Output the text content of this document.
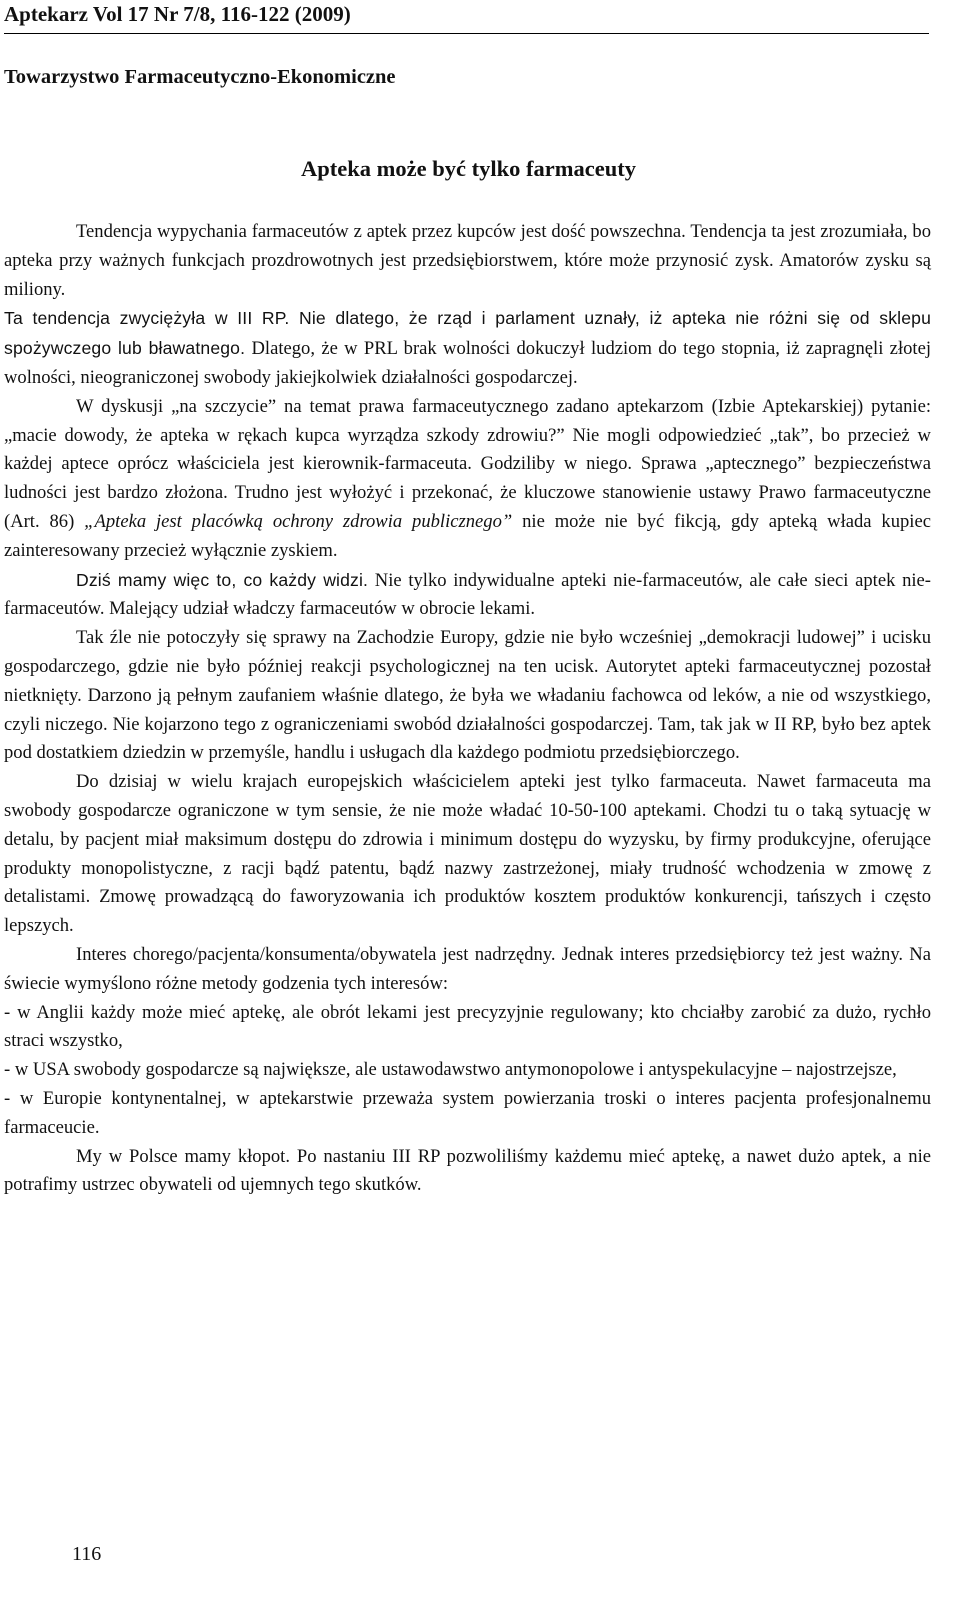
Aptekarz Vol 17 Nr 7/8, 116-122 (2009)
Towarzystwo Farmaceutyczno-Ekonomiczne
Apteka może być tylko farmaceuty

Tendencja wypychania farmaceutów z aptek przez kupców jest dość powszechna. Tendencja ta jest zrozumiała, bo apteka przy ważnych funkcjach prozdrowotnych jest przedsiębiorstwem, które może przynosić zysk. Amatorów zysku są miliony.
Ta tendencja zwyciężyła w III RP. Nie dlatego, że rząd i parlament uznały, iż apteka nie różni się od sklepu spożywczego lub bławatnego. Dlatego, że w PRL brak wolności dokuczył ludziom do tego stopnia, iż zapragnęli złotej wolności, nieograniczonej swobody jakiejkolwiek działalności gospodarczej.

W dyskusji „na szczycie” na temat prawa farmaceutycznego zadano aptekarzom (Izbie Aptekarskiej) pytanie: „macie dowody, że apteka w rękach kupca wyrządza szkody zdrowiu?” Nie mogli odpowiedzieć „tak”, bo przecież w każdej aptece oprócz właściciela jest kierownik-farmaceuta. Godziliby w niego. Sprawa „aptecznego” bezpieczeństwa ludności jest bardzo złożona. Trudno jest wyłożyć i przekonać, że kluczowe stanowienie ustawy Prawo farmaceutyczne (Art. 86) „Apteka jest placówką ochrony zdrowia publicznego” nie może nie być fikcją, gdy apteką włada kupiec zainteresowany przecież wyłącznie zyskiem.

Dziś mamy więc to, co każdy widzi. Nie tylko indywidualne apteki nie-farmaceutów, ale całe sieci aptek nie-farmaceutów. Malejący udział władczy farmaceutów w obrocie lekami.

Tak źle nie potoczyły się sprawy na Zachodzie Europy, gdzie nie było wcześniej „demokracji ludowej” i ucisku gospodarczego, gdzie nie było później reakcji psychologicznej na ten ucisk. Autorytet apteki farmaceutycznej pozostał nietknięty. Darzono ją pełnym zaufaniem właśnie dlatego, że była we władaniu fachowca od leków, a nie od wszystkiego, czyli niczego. Nie kojarzono tego z ograniczeniami swobód działalności gospodarczej. Tam, tak jak w II RP, było bez aptek pod dostatkiem dziedzin w przemyśle, handlu i usługach dla każdego podmiotu przedsiębiorczego.

Do dzisiaj w wielu krajach europejskich właścicielem apteki jest tylko farmaceuta. Nawet farmaceuta ma swobody gospodarcze ograniczone w tym sensie, że nie może władać 10-50-100 aptekami. Chodzi tu o taką sytuację w detalu, by pacjent miał maksimum dostępu do zdrowia i minimum dostępu do wyzysku, by firmy produkcyjne, oferujące produkty monopolistyczne, z racji bądź patentu, bądź nazwy zastrzeżonej, miały trudność wchodzenia w zmowę z detalistami. Zmowę prowadzącą do faworyzowania ich produktów kosztem produktów konkurencji, tańszych i często lepszych.

Interes chorego/pacjenta/konsumenta/obywatela jest nadrzędny. Jednak interes przedsiębiorcy też jest ważny. Na świecie wymyślono różne metody godzenia tych interesów:

- w Anglii każdy może mieć aptekę, ale obrót lekami jest precyzyjnie regulowany; kto chciałby zarobić za dużo, rychło straci wszystko,

- w USA swobody gospodarcze są największe, ale ustawodawstwo antymonopolowe i antyspekulacyjne – najostrzejsze,

- w Europie kontynentalnej, w aptekarstwie przeważa system powierzania troski o interes pacjenta profesjonalnemu farmaceucie.

My w Polsce mamy kłopot. Po nastaniu III RP pozwoliliśmy każdemu mieć aptekę, a nawet dużo aptek, a nie potrafimy ustrzec obywateli od ujemnych tego skutków.

116
